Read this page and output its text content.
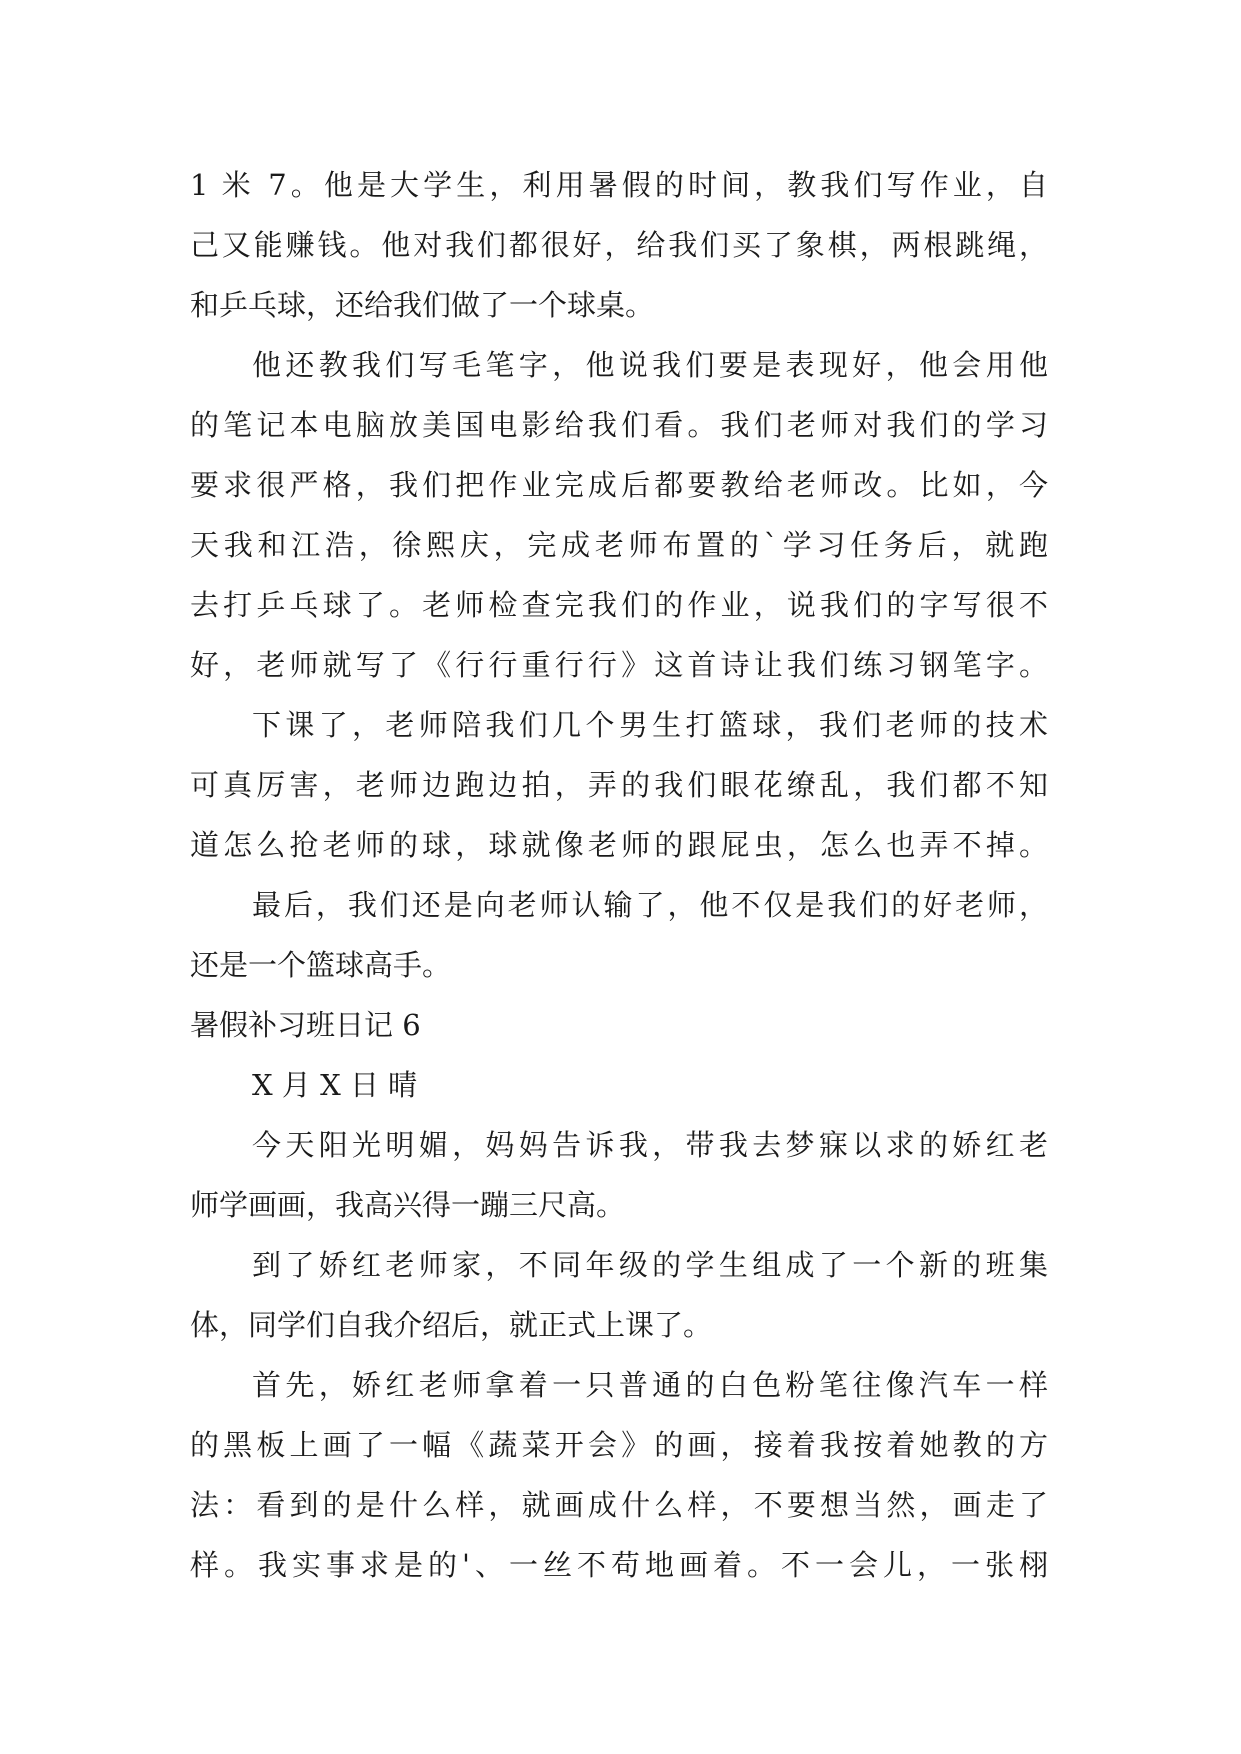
1 米 7。他是大学生，利用暑假的时间，教我们写作业，自
己又能赚钱。他对我们都很好，给我们买了象棋，两根跳绳，
和乒乓球，还给我们做了一个球桌。
他还教我们写毛笔字，他说我们要是表现好，他会用他
的笔记本电脑放美国电影给我们看。我们老师对我们的学习
要求很严格，我们把作业完成后都要教给老师改。比如，今
天我和江浩，徐熙庆，完成老师布置的`学习任务后，就跑
去打乒乓球了。老师检查完我们的作业，说我们的字写很不
好，老师就写了《行行重行行》这首诗让我们练习钢笔字。
下课了，老师陪我们几个男生打篮球，我们老师的技术
可真厉害，老师边跑边拍，弄的我们眼花缭乱，我们都不知
道怎么抢老师的球，球就像老师的跟屁虫，怎么也弄不掉。
最后，我们还是向老师认输了，他不仅是我们的好老师，
还是一个篮球高手。
暑假补习班日记 6
X 月 X 日 晴
今天阳光明媚，妈妈告诉我，带我去梦寐以求的娇红老
师学画画，我高兴得一蹦三尺高。
到了娇红老师家，不同年级的学生组成了一个新的班集
体，同学们自我介绍后，就正式上课了。
首先，娇红老师拿着一只普通的白色粉笔往像汽车一样
的黑板上画了一幅《蔬菜开会》的画，接着我按着她教的方
法：看到的是什么样，就画成什么样，不要想当然，画走了
样。我实事求是的'、一丝不苟地画着。不一会儿，一张栩
